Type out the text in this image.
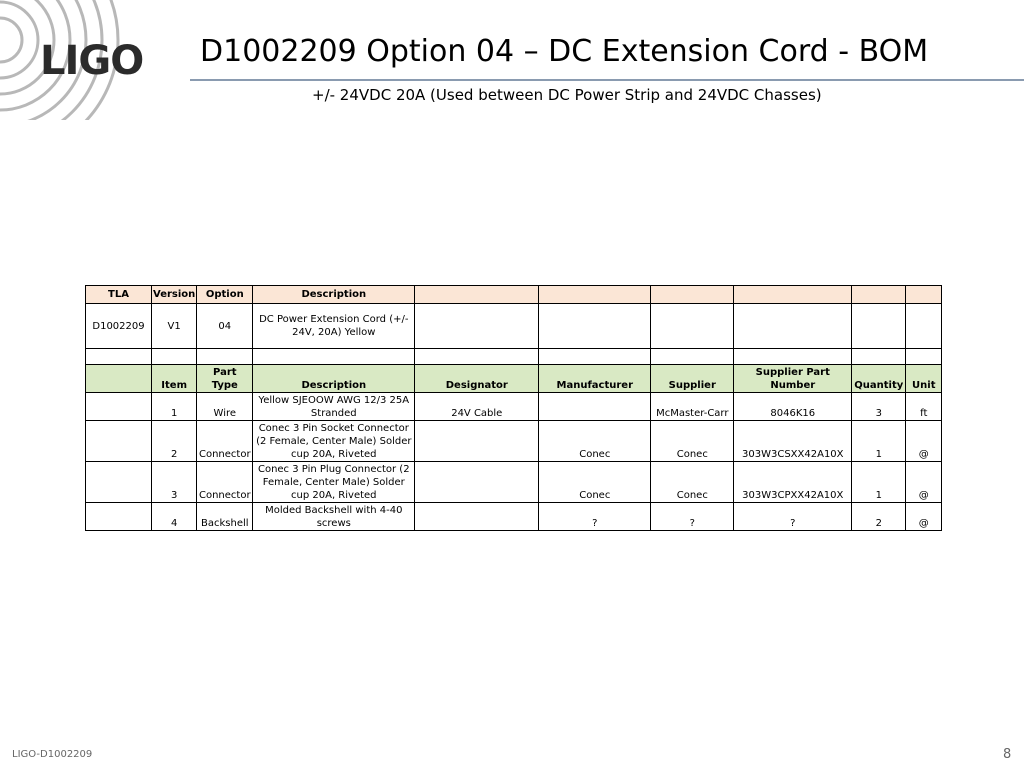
LIGO D1002209 Option 04 – DC Extension Cord - BOM
+/- 24VDC 20A (Used between DC Power Strip and 24VDC Chasses)
TLA	Version	Option	Description						
D1002209	V1	04	DC Power Extension Cord (+/- 24V, 20A) Yellow						

	Item	Part Type	Description	Designator	Manufacturer	Supplier	Supplier Part Number	Quantity	Unit
	1	Wire	Yellow SJEOOW AWG 12/3 25A Stranded	24V Cable		McMaster-Carr	8046K16	3	ft
	2	Connector	Conec 3 Pin Socket Connector (2 Female, Center Male) Solder cup 20A, Riveted		Conec	Conec	303W3CSXX42A10X	1	@
	3	Connector	Conec 3 Pin Plug Connector (2 Female, Center Male) Solder cup 20A, Riveted		Conec	Conec	303W3CPXX42A10X	1	@
	4	Backshell	Molded Backshell with 4-40 screws		?	?	?	2	@
LIGO-D1002209	8
